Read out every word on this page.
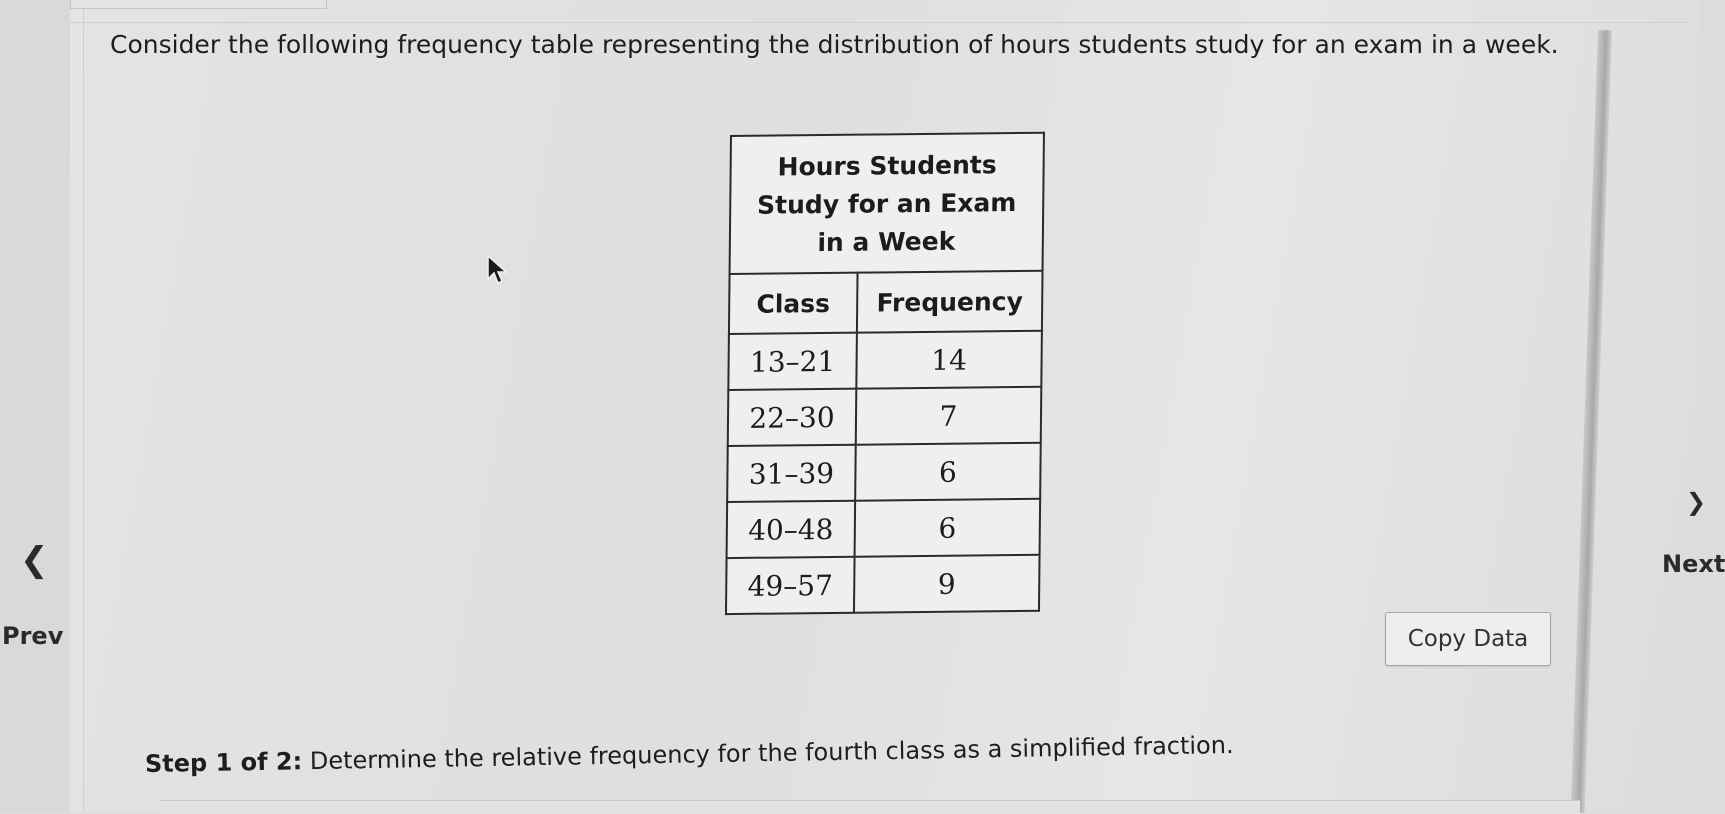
Consider the following frequency table representing the distribution of hours students study for an exam in a week.
Hours Students
Study for an Exam
in a Week	
Class	Frequency
13–21	14
22–30	7
31–39	6
40–48	6
49–57	9
❮
Prev
❯
Next
Copy Data
Step 1 of 2: Determine the relative frequency for the fourth class as a simplified fraction.
